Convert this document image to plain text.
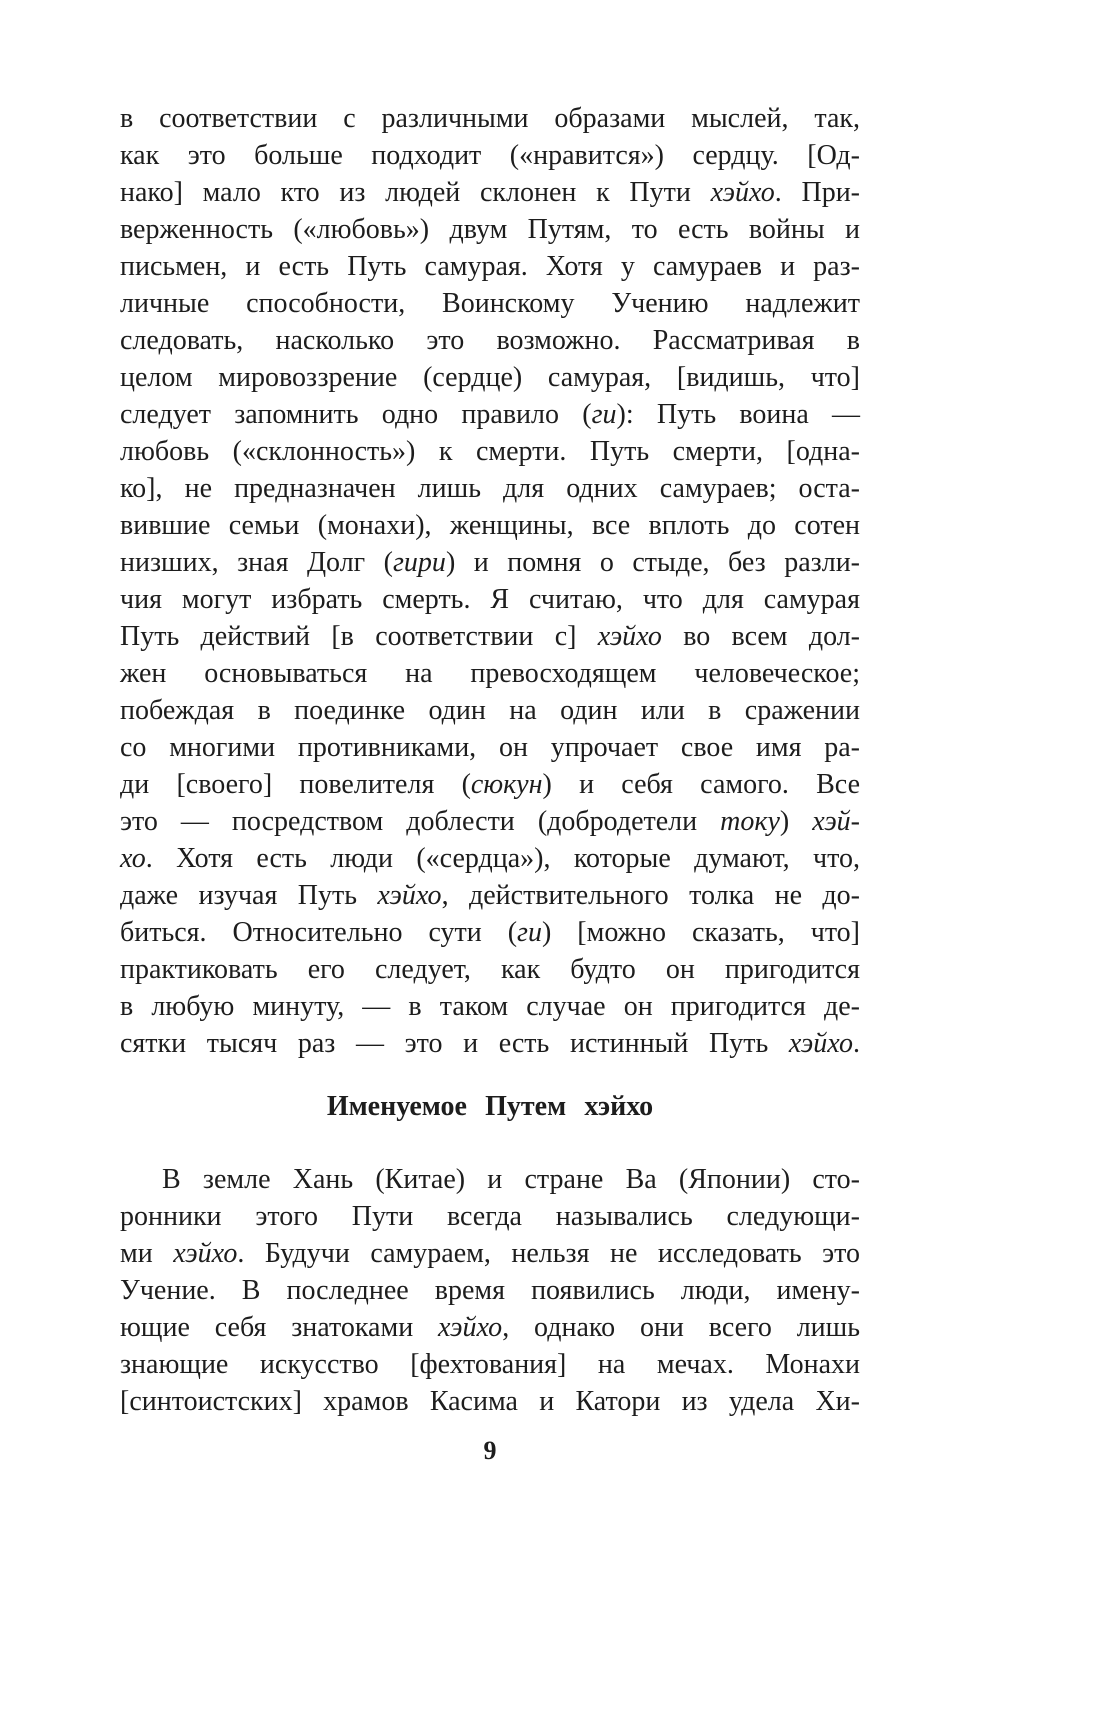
в соответствии с различными образами мыслей, так,
как это больше подходит («нравится») сердцу. [Од-
нако] мало кто из людей склонен к Пути хэйхо. При-
верженность («любовь») двум Путям, то есть войны и
письмен, и есть Путь самурая. Хотя у самураев и раз-
личные способности, Воинскому Учению надлежит
следовать, насколько это возможно. Рассматривая в
целом мировоззрение (сердце) самурая, [видишь, что]
следует запомнить одно правило (ги): Путь воина —
любовь («склонность») к смерти. Путь смерти, [одна-
ко], не предназначен лишь для одних самураев; оста-
вившие семьи (монахи), женщины, все вплоть до сотен
низших, зная Долг (гири) и помня о стыде, без разли-
чия могут избрать смерть. Я считаю, что для самурая
Путь действий [в соответствии с] хэйхо во всем дол-
жен основываться на превосходящем человеческое;
побеждая в поединке один на один или в сражении
со многими противниками, он упрочает свое имя ра-
ди [своего] повелителя (сюкун) и себя самого. Все
это — посредством доблести (добродетели току) хэй-
хо. Хотя есть люди («сердца»), которые думают, что,
даже изучая Путь хэйхо, действительного толка не до-
биться. Относительно сути (ги) [можно сказать, что]
практиковать его следует, как будто он пригодится
в любую минуту, — в таком случае он пригодится де-
сятки тысяч раз — это и есть истинный Путь хэйхо.
Именуемое Путем хэйхо
В земле Хань (Китае) и стране Ва (Японии) сто-
ронники этого Пути всегда назывались следующи-
ми хэйхо. Будучи самураем, нельзя не исследовать это
Учение. В последнее время появились люди, имену-
ющие себя знатоками хэйхо, однако они всего лишь
знающие искусство [фехтования] на мечах. Монахи
[синтоистских] храмов Касима и Катори из удела Хи-
9
